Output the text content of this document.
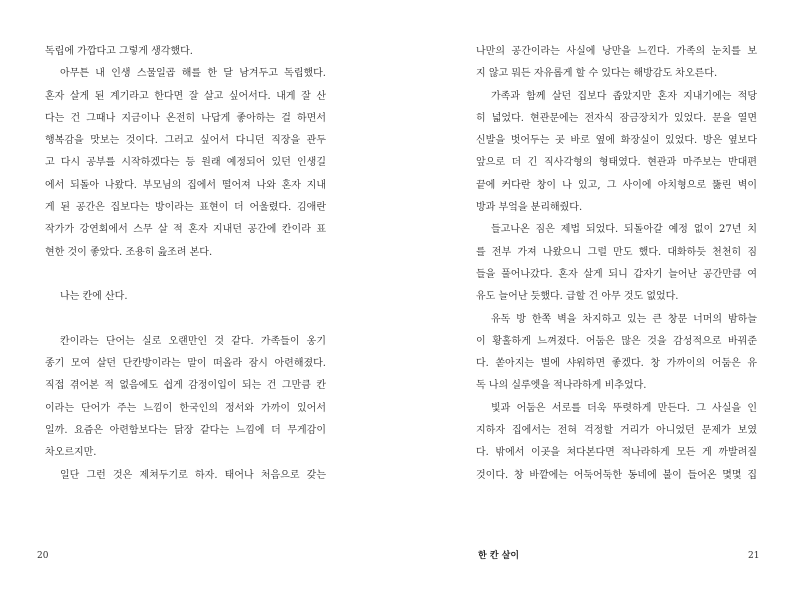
독립에 가깝다고 그렇게 생각했다.
아무튼 내 인생 스물일곱 해를 한 달 남겨두고 독립했다.
혼자 살게 된 계기라고 한다면 잘 살고 싶어서다. 내게 잘 산
다는 건 그때나 지금이나 온전히 나답게 좋아하는 걸 하면서
행복감을 맛보는 것이다. 그러고 싶어서 다니던 직장을 관두
고 다시 공부를 시작하겠다는 등 원래 예정되어 있던 인생길
에서 되돌아 나왔다. 부모님의 집에서 떨어져 나와 혼자 지내
게 된 공간은 집보다는 방이라는 표현이 더 어울렸다. 김애란
작가가 강연회에서 스무 살 적 혼자 지내던 공간에 칸이라 표
현한 것이 좋았다. 조용히 읊조려 본다.
나는 칸에 산다.
칸이라는 단어는 실로 오랜만인 것 같다. 가족들이 옹기
종기 모여 살던 단칸방이라는 말이 떠올라 잠시 아련해졌다.
직접 겪어본 적 없음에도 쉽게 감정이입이 되는 건 그만큼 칸
이라는 단어가 주는 느낌이 한국인의 정서와 가까이 있어서
일까. 요즘은 아련함보다는 닭장 같다는 느낌에 더 무게감이
차오르지만.
일단 그런 것은 제쳐두기로 하자. 태어나 처음으로 갖는
20
나만의 공간이라는 사실에 낭만을 느낀다. 가족의 눈치를 보
지 않고 뭐든 자유롭게 할 수 있다는 해방감도 차오른다.
가족과 함께 살던 집보다 좁았지만 혼자 지내기에는 적당
히 넓었다. 현관문에는 전자식 잠금장치가 있었다. 문을 열면
신발을 벗어두는 곳 바로 옆에 화장실이 있었다. 방은 옆보다
앞으로 더 긴 직사각형의 형태였다. 현관과 마주보는 반대편
끝에 커다란 창이 나 있고, 그 사이에 아치형으로 뚫린 벽이
방과 부엌을 분리해줬다.
들고나온 짐은 제법 되었다. 되돌아갈 예정 없이 27년 치
를 전부 가져 나왔으니 그럴 만도 했다. 대화하듯 천천히 짐
들을 풀어나갔다. 혼자 살게 되니 갑자기 늘어난 공간만큼 여
유도 늘어난 듯했다. 급할 건 아무 것도 없었다.
유독 방 한쪽 벽을 차지하고 있는 큰 창문 너머의 밤하늘
이 황홀하게 느껴졌다. 어둠은 많은 것을 감성적으로 바꿔준
다. 쏟아지는 별에 샤워하면 좋겠다. 창 가까이의 어둠은 유
독 나의 실루엣을 적나라하게 비추었다.
빛과 어둠은 서로를 더욱 뚜렷하게 만든다. 그 사실을 인
지하자 집에서는 전혀 걱정할 거리가 아니었던 문제가 보였
다. 밖에서 이곳을 쳐다본다면 적나라하게 모든 게 까발려질
것이다. 창 바깥에는 어둑어둑한 동네에 불이 들어온 몇몇 집
한 칸 살이	21
